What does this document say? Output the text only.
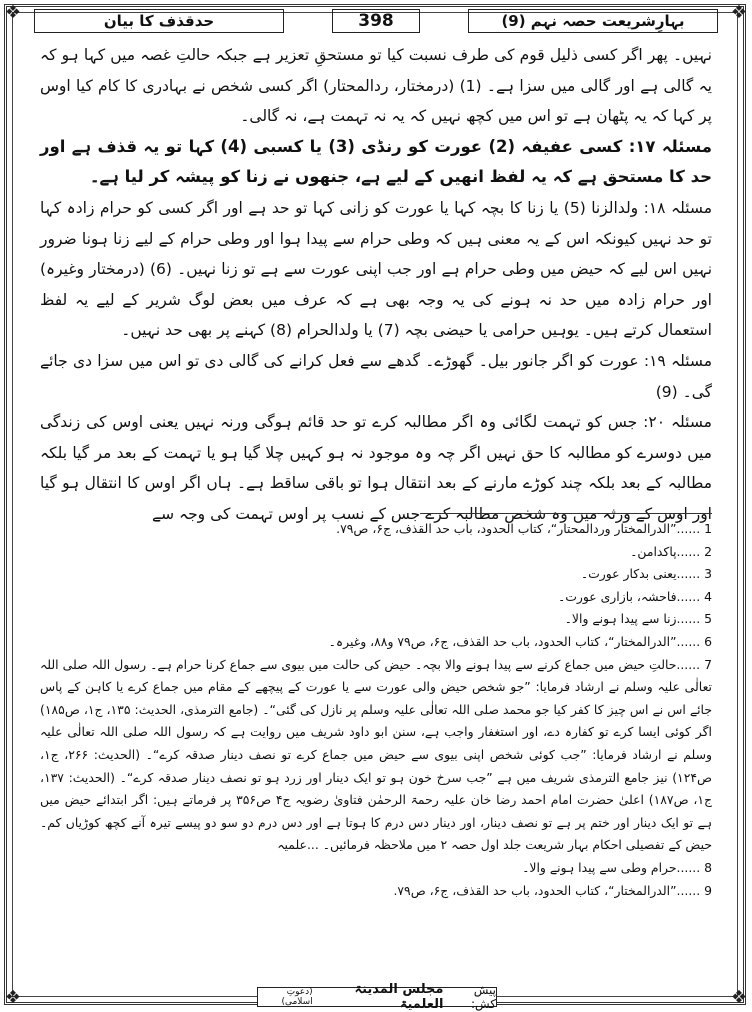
❖	❖
❖	❖
بہارِشریعت حصہ نہم (9)
398
حدقذف کا بیان

نہیں۔ پھر اگر کسی ذلیل قوم کی طرف نسبت کیا تو مستحقِ تعزیر ہے جبکہ حالتِ غصہ میں کہا ہو کہ یہ گالی ہے اور گالی میں سزا ہے۔ (1) (درمختار، ردالمحتار) اگر کسی شخص نے بہادری کا کام کیا اوس پر کہا کہ یہ پٹھان ہے تو اس میں کچھ نہیں کہ یہ نہ تہمت ہے، نہ گالی۔

مسئلہ ۱۷: کسی عفیفہ (2) عورت کو رنڈی (3) یا کسبی (4) کہا تو یہ قذف ہے اور حد کا مستحق ہے کہ یہ لفظ انھیں کے لیے ہے، جنھوں نے زنا کو پیشہ کر لیا ہے۔

مسئلہ ۱۸: ولدالزنا (5) یا زنا کا بچہ کہا یا عورت کو زانی کہا تو حد ہے اور اگر کسی کو حرام زادہ کہا تو حد نہیں کیونکہ اس کے یہ معنی ہیں کہ وطی حرام سے پیدا ہوا اور وطی حرام کے لیے زنا ہونا ضرور نہیں اس لیے کہ حیض میں وطی حرام ہے اور جب اپنی عورت سے ہے تو زنا نہیں۔ (6) (درمختار وغیرہ) اور حرام زادہ میں حد نہ ہونے کی یہ وجہ بھی ہے کہ عرف میں بعض لوگ شریر کے لیے یہ لفظ استعمال کرتے ہیں۔ یوہیں حرامی یا حیضی بچہ (7) یا ولدالحرام (8) کہنے پر بھی حد نہیں۔

مسئلہ ۱۹: عورت کو اگر جانور بیل۔ گھوڑے۔ گدھے سے فعل کرانے کی گالی دی تو اس میں سزا دی جائے گی۔ (9)

مسئلہ ۲۰: جس کو تہمت لگائی وہ اگر مطالبہ کرے تو حد قائم ہوگی ورنہ نہیں یعنی اوس کی زندگی میں دوسرے کو مطالبہ کا حق نہیں اگر چہ وہ موجود نہ ہو کہیں چلا گیا ہو یا تہمت کے بعد مر گیا بلکہ مطالبہ کے بعد بلکہ چند کوڑے مارنے کے بعد انتقال ہوا تو باقی ساقط ہے۔ ہاں اگر اوس کا انتقال ہو گیا اور اوس کے ورثہ میں وہ شخص مطالبہ کرے جس کے نسب پر اوس تہمت کی وجہ سے

1 ......”الدرالمختار وردالمحتار“، کتاب الحدود، باب حد القذف، ج۶، ص۷۹.

2 ......پاکدامن۔

3 ......یعنی بدکار عورت۔

4 ......فاحشہ، بازاری عورت۔

5 ......زنا سے پیدا ہونے والا۔

6 ......”الدرالمختار“، کتاب الحدود، باب حد القذف، ج۶، ص۷۹ و۸۸، وغیرہ۔

7 ......حالتِ حیض میں جماع کرنے سے پیدا ہونے والا بچہ۔ حیض کی حالت میں بیوی سے جماع کرنا حرام ہے۔ رسول اللہ صلی اللہ تعالٰی علیہ وسلم نے ارشاد فرمایا: ”جو شخص حیض والی عورت سے یا عورت کے پیچھے کے مقام میں جماع کرے یا کاہن کے پاس جائے اس نے اس چیز کا کفر کیا جو محمد صلی اللہ تعالٰی علیہ وسلم پر نازل کی گئی“۔ (جامع الترمذی، الحدیث: ۱۳۵، ج۱، ص۱۸۵) اگر کوئی ایسا کرے تو کفارہ دے، اور استغفار واجب ہے، سنن ابو داود شریف میں روایت ہے کہ رسول اللہ صلی اللہ تعالٰی علیہ وسلم نے ارشاد فرمایا: ”جب کوئی شخص اپنی بیوی سے حیض میں جماع کرے تو نصف دینار صدقہ کرے“۔ (الحدیث: ۲۶۶، ج۱، ص۱۲۴) نیز جامع الترمذی شریف میں ہے ”جب سرخ خون ہو تو ایک دینار اور زرد ہو تو نصف دینار صدقہ کرے“۔ (الحدیث: ۱۳۷، ج۱، ص۱۸۷) اعلیٰ حضرت امام احمد رضا خان علیہ رحمۃ الرحمٰن فتاویٰ رضویہ ج۴ ص۳۵۶ پر فرماتے ہیں: اگر ابتدائے حیض میں ہے تو ایک دینار اور ختم پر ہے تو نصف دینار، اور دینار دس درم کا ہوتا ہے اور دس درم دو سو دو پیسے تیرہ آنے کچھ کوڑیاں کم۔ حیض کے تفصیلی احکام بہار شریعت جلد اول حصہ ۲ میں ملاحظہ فرمائیں۔ ...علمیہ

8 ......حرام وطی سے پیدا ہونے والا۔

9 ......”الدرالمختار“، کتاب الحدود، باب حد القذف، ج۶، ص۷۹.

پیش کش:
مجلس المدینۃ العلمیۃ
(دعوتِ اسلامی)
